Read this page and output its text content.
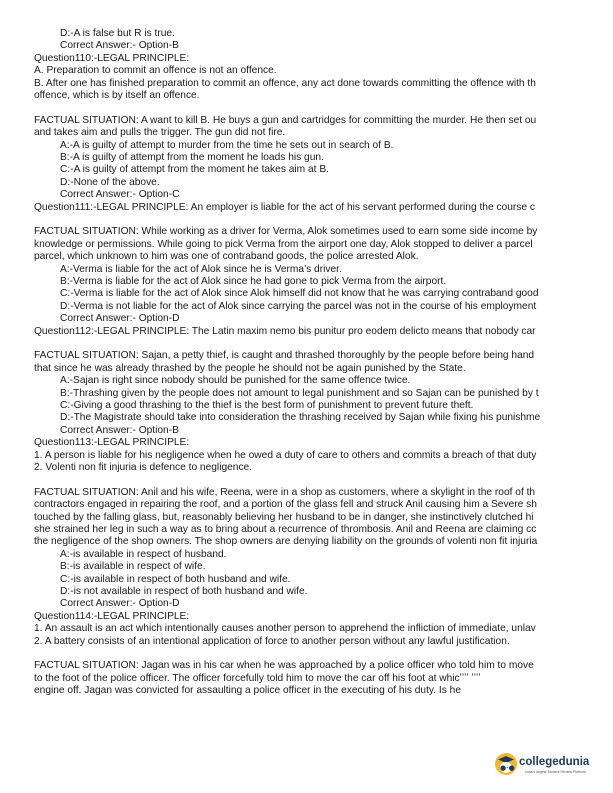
D:-A is false but R is true.
Correct Answer:- Option-B
Question110:-LEGAL PRINCIPLE:
A. Preparation to commit an offence is not an offence.
B. After one has finished preparation to commit an offence, any act done towards committing the offence with th
offence, which is by itself an offence.
FACTUAL SITUATION: A want to kill B. He buys a gun and cartridges for committing the murder. He then set ou
and takes aim and pulls the trigger. The gun did not fire.
A:-A is guilty of attempt to murder from the time he sets out in search of B.
B:-A is guilty of attempt from the moment he loads his gun.
C:-A is guilty of attempt from the moment he takes aim at B.
D:-None of the above.
Correct Answer:- Option-C
Question111:-LEGAL PRINCIPLE: An employer is liable for the act of his servant performed during the course c
FACTUAL SITUATION: While working as a driver for Verma, Alok sometimes used to earn some side income by
knowledge or permissions. While going to pick Verma from the airport one day, Alok stopped to deliver a parcel
parcel, which unknown to him was one of contraband goods, the police arrested Alok.
A:-Verma is liable for the act of Alok since he is Verma’s driver.
B:-Verma is liable for the act of Alok since he had gone to pick Verma from the airport.
C:-Verma is liable for the act of Alok since Alok himself did not know that he was carrying contraband good
D:-Verma is not liable for the act of Alok since carrying the parcel was not in the course of his employment
Correct Answer:- Option-D
Question112:-LEGAL PRINCIPLE: The Latin maxim nemo bis punitur pro eodem delicto means that nobody car
FACTUAL SITUATION: Sajan, a petty thief, is caught and thrashed thoroughly by the people before being hand
that since he was already thrashed by the people he should not be again punished by the State.
A:-Sajan is right since nobody should be punished for the same offence twice.
B:-Thrashing given by the people does not amount to legal punishment and so Sajan can be punished by t
C:-Giving a good thrashing to the thief is the best form of punishment to prevent future theft.
D:-The Magistrate should take into consideration the thrashing received by Sajan while fixing his punishme
Correct Answer:- Option-B
Question113:-LEGAL PRINCIPLE:
1. A person is liable for his negligence when he owed a duty of care to others and commits a breach of that duty
2. Volenti non fit injuria is defence to negligence.
FACTUAL SITUATION: Anil and his wife, Reena, were in a shop as customers, where a skylight in the roof of th
contractors engaged in repairing the roof, and a portion of the glass fell and struck Anil causing him a Severe sh
touched by the falling glass, but, reasonably believing her husband to be in danger, she instinctively clutched hi
she strained her leg in such a way as to bring about a recurrence of thrombosis. Anil and Reena are claiming cc
the negligence of the shop owners. The shop owners are denying liability on the grounds of volenti non fit injuria
A:-is available in respect of husband.
B:-is available in respect of wife.
C:-is available in respect of both husband and wife.
D:-is not available in respect of both husband and wife.
Correct Answer:- Option-D
Question114:-LEGAL PRINCIPLE:
1. An assault is an act which intentionally causes another person to apprehend the infliction of immediate, unlav
2. A battery consists of an intentional application of force to another person without any lawful justification.
FACTUAL SITUATION: Jagan was in his car when he was approached by a police officer who told him to move
to the foot of the police officer. The officer forcefully told him to move the car off his foot at whicʼʼʼʼ ʼʼʼʼ
engine off. Jagan was convicted for assaulting a police officer in the executing of his duty. Is he
●‐● collegedunia
India's largest Student Review Platform
